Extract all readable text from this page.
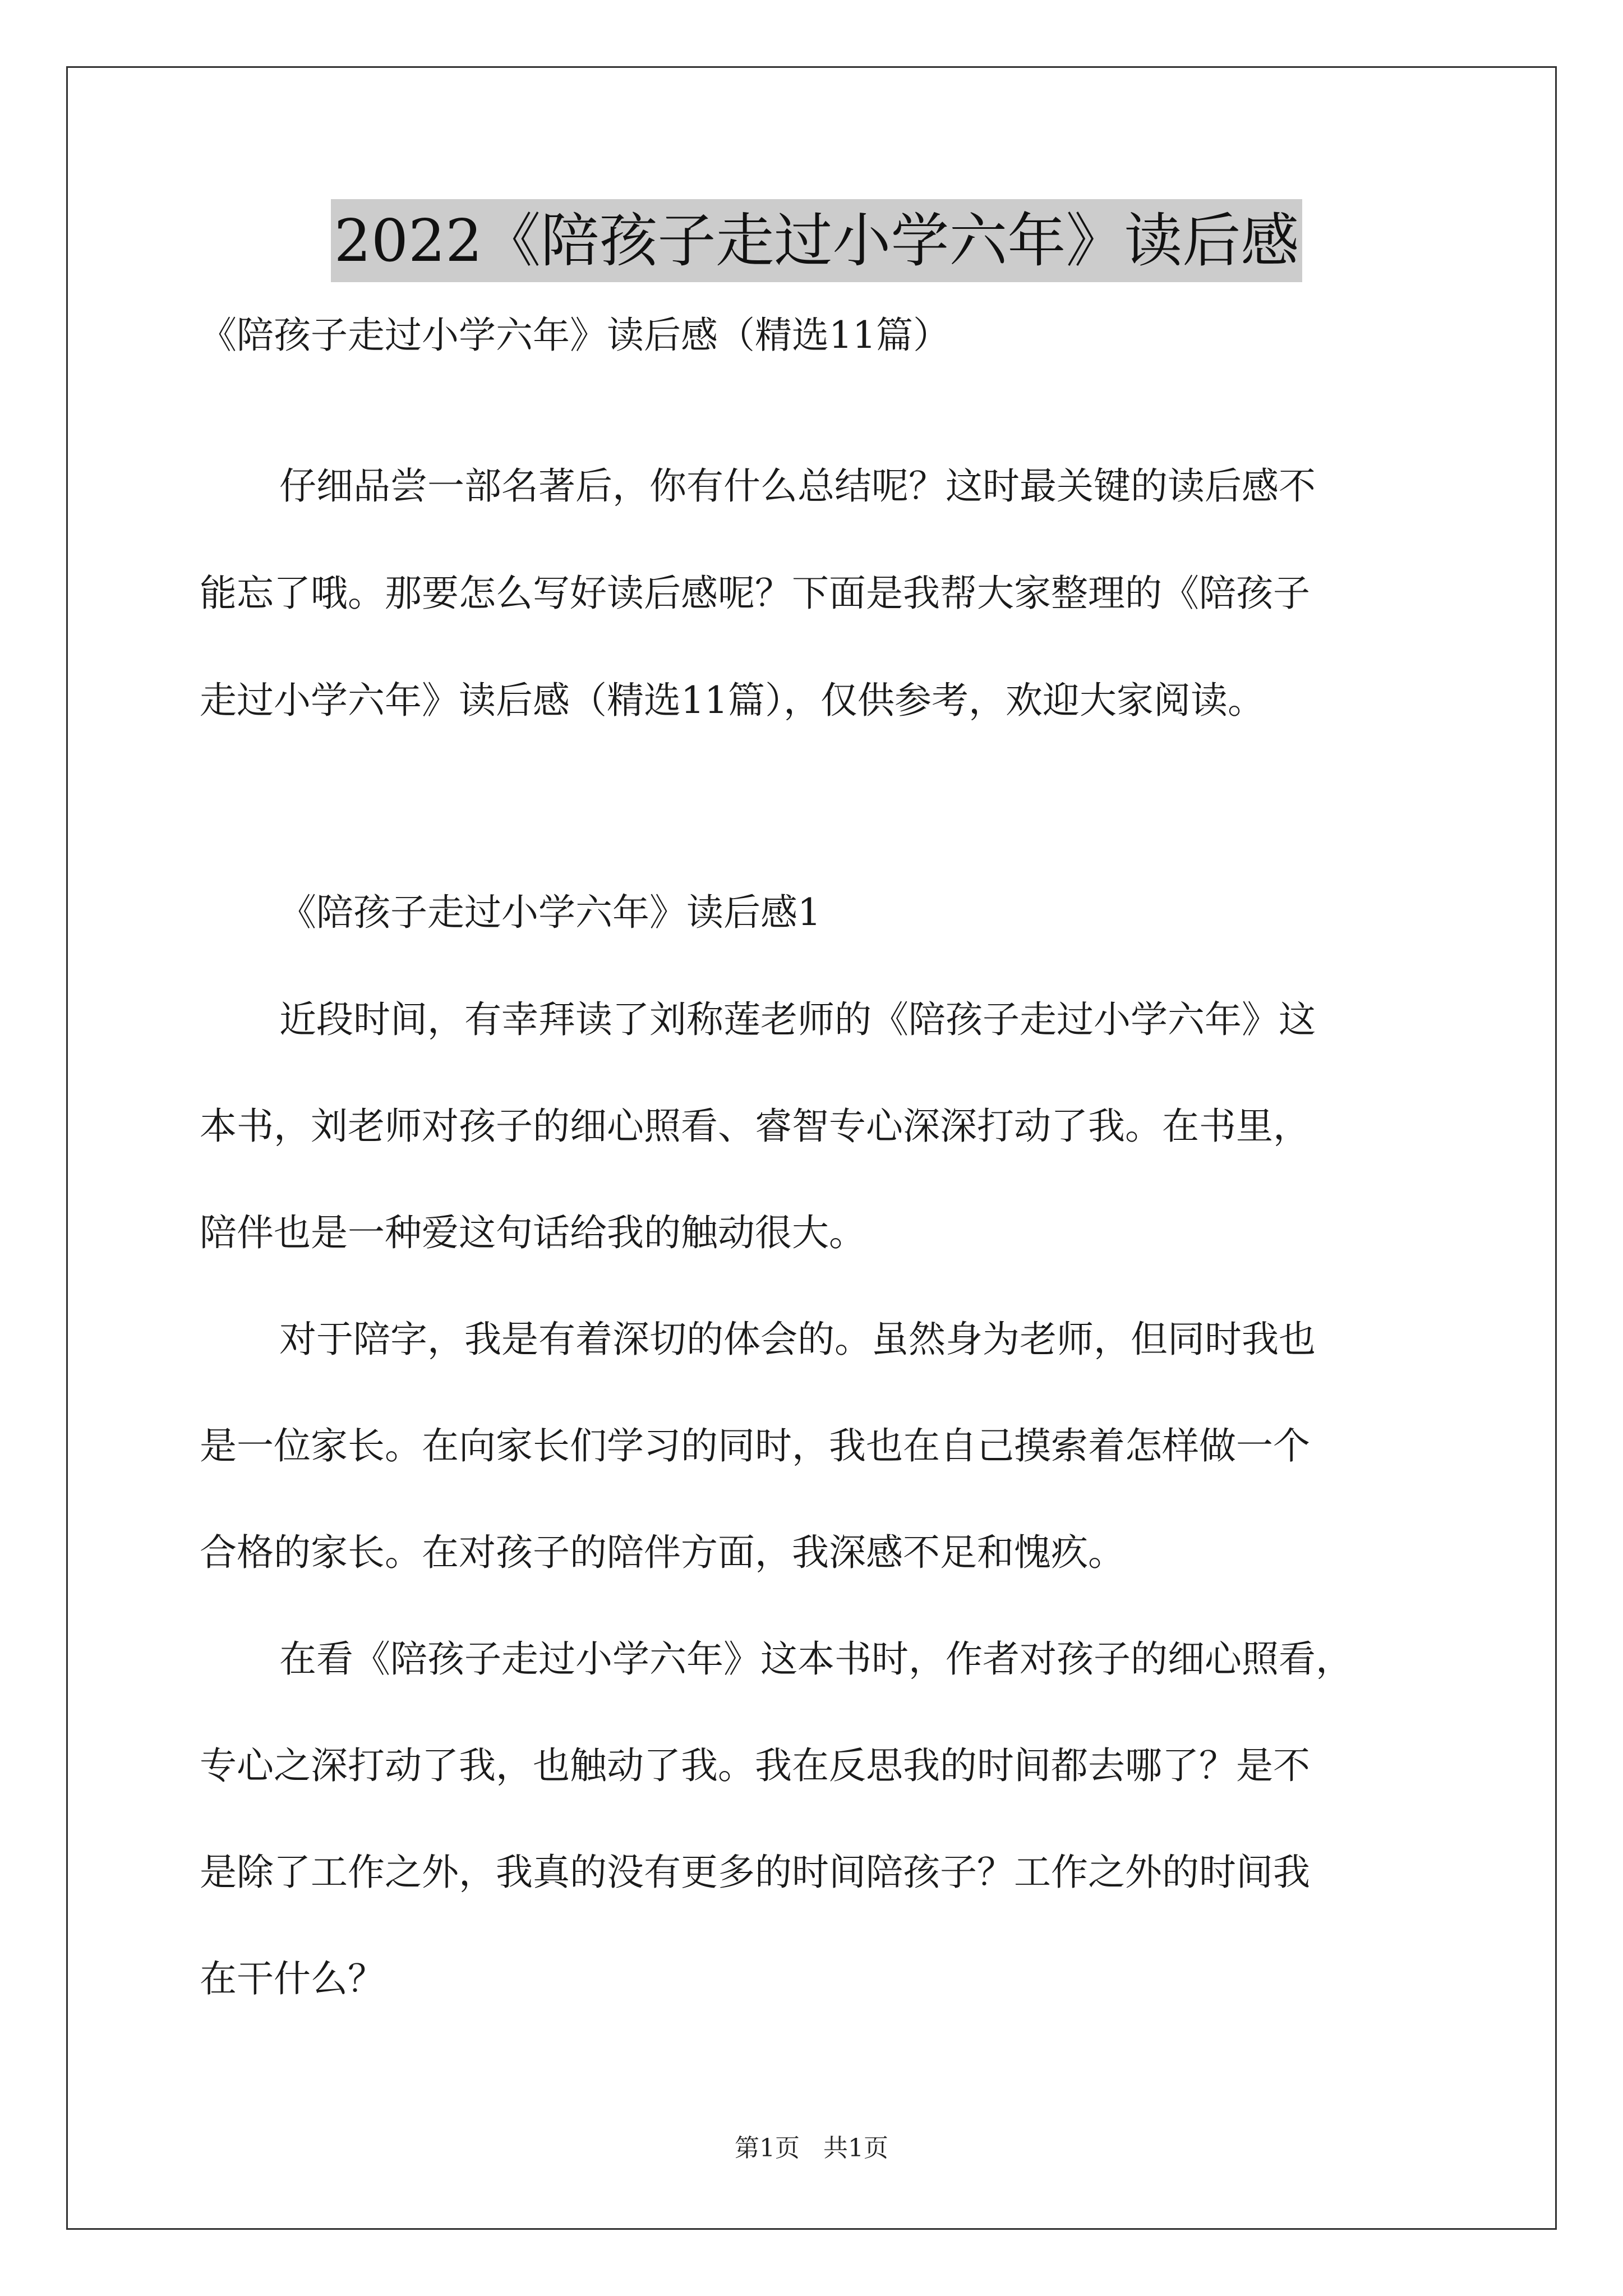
2022《陪孩子走过小学六年》读后感
《陪孩子走过小学六年》读后感（精选11篇）
仔细品尝一部名著后，你有什么总结呢？这时最关键的读后感不
能忘了哦。那要怎么写好读后感呢？下面是我帮大家整理的《陪孩子
走过小学六年》读后感（精选11篇），仅供参考，欢迎大家阅读。
《陪孩子走过小学六年》读后感1
近段时间，有幸拜读了刘称莲老师的《陪孩子走过小学六年》这
本书，刘老师对孩子的细心照看、睿智专心深深打动了我。在书里，
陪伴也是一种爱这句话给我的触动很大。
对于陪字，我是有着深切的体会的。虽然身为老师，但同时我也
是一位家长。在向家长们学习的同时，我也在自己摸索着怎样做一个
合格的家长。在对孩子的陪伴方面，我深感不足和愧疚。
在看《陪孩子走过小学六年》这本书时，作者对孩子的细心照看，
专心之深打动了我，也触动了我。我在反思我的时间都去哪了？是不
是除了工作之外，我真的没有更多的时间陪孩子？工作之外的时间我
在干什么？
第1页   共1页
